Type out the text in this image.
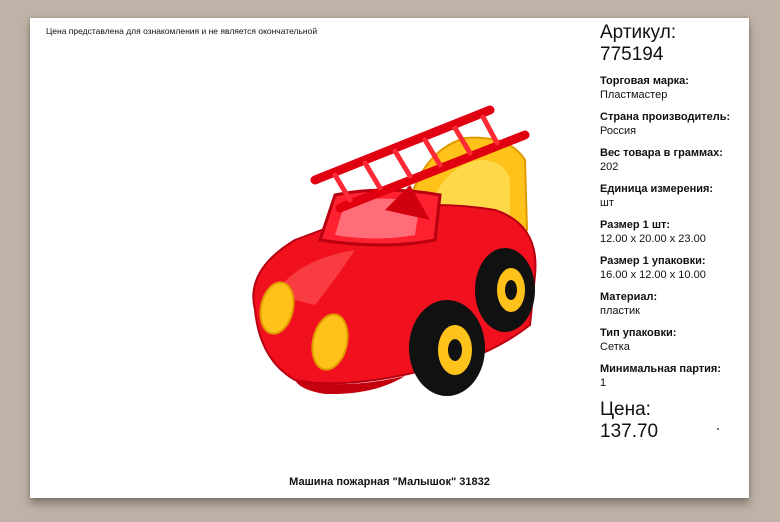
Цена представлена для ознакомления и не является окончательной	Артикул:
775194
Торговая марка:
Пластмастер
Страна производитель:
Россия
Вес товара в граммах:
202
Единица измерения:
шт
Размер 1 шт:
12.00 x 20.00 x 23.00
Размер 1 упаковки:
16.00 x 12.00 x 10.00
Материал:
пластик
Тип упаковки:
Сетка
Минимальная партия:
1
Цена:
137.70
Машина пожарная "Малышок" 31832
